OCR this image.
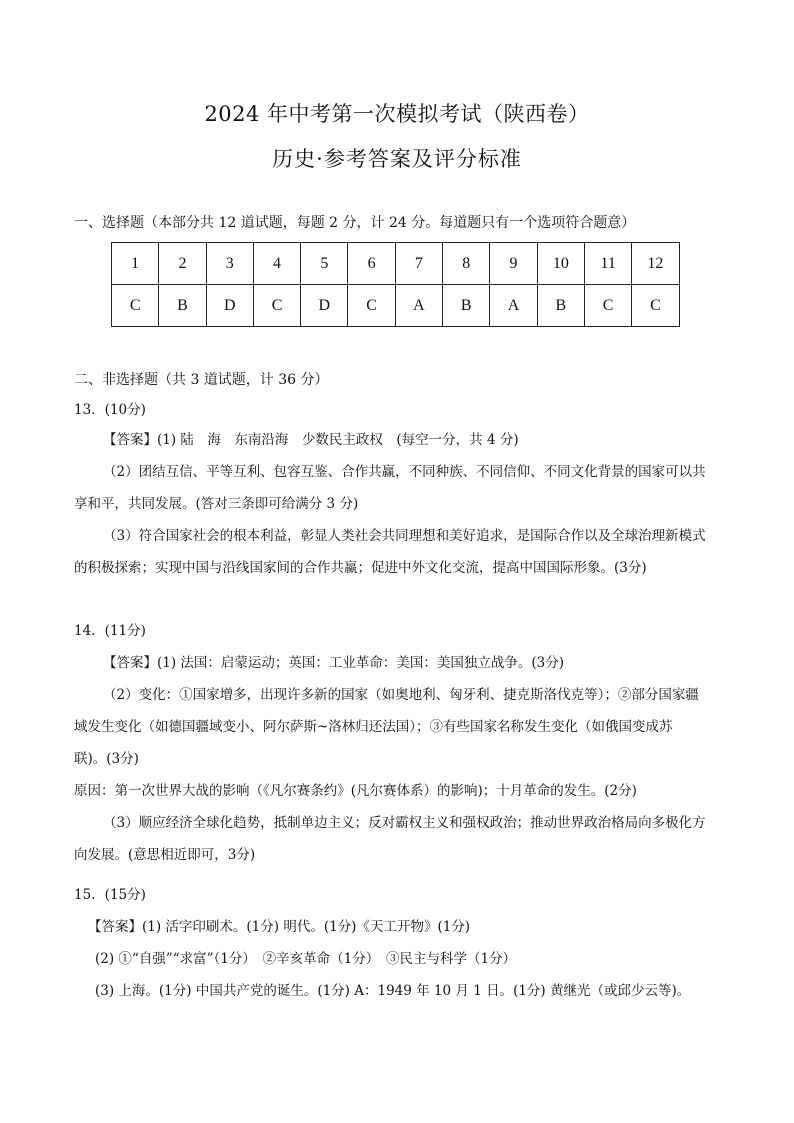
2024 年中考第一次模拟考试（陕西卷）
历史·参考答案及评分标准
一、选择题（本部分共 12 道试题，每题 2 分，计 24 分。每道题只有一个选项符合题意）
1	2	3	4	5	6	7	8	9	10	11	12
C	B	D	C	D	C	A	B	A	B	C	C
二、非选择题（共 3 道试题，计 36 分）
13．(10分)
【答案】(1) 陆　海　东南沿海　少数民主政权　(每空一分，共 4 分)
（2）团结互信、平等互利、包容互鉴、合作共赢，不同种族、不同信仰、不同文化背景的国家可以共
享和平，共同发展。(答对三条即可给满分 3 分)
（3）符合国家社会的根本利益，彰显人类社会共同理想和美好追求，是国际合作以及全球治理新模式
的积极探索；实现中国与沿线国家间的合作共赢；促进中外文化交流，提高中国国际形象。(3分)
14．(11分)
【答案】(1) 法国：启蒙运动；英国：工业革命：美国：美国独立战争。(3分)
（2）变化：①国家增多，出现许多新的国家（如奥地利、匈牙利、捷克斯洛伐克等）；②部分国家疆
域发生变化（如德国疆域变小、阿尔萨斯~洛林归还法国）；③有些国家名称发生变化（如俄国变成苏
联)。(3分)
原因：第一次世界大战的影响（《凡尔赛条约》(凡尔赛体系）的影响)；十月革命的发生。(2分)
（3）顺应经济全球化趋势，抵制单边主义；反对霸权主义和强权政治；推动世界政治格局向多极化方
向发展。(意思相近即可，3分)
15．(15分)
【答案】(1) 活字印刷术。(1分) 明代。(1分)《天工开物》(1分)
(2) ①“自强”“求富”（1分）　②辛亥革命（1分）　③民主与科学（1分）
(3) 上海。(1分) 中国共产党的诞生。(1分) A：1949 年 10 月 1 日。(1分) 黄继光（或邱少云等)。
